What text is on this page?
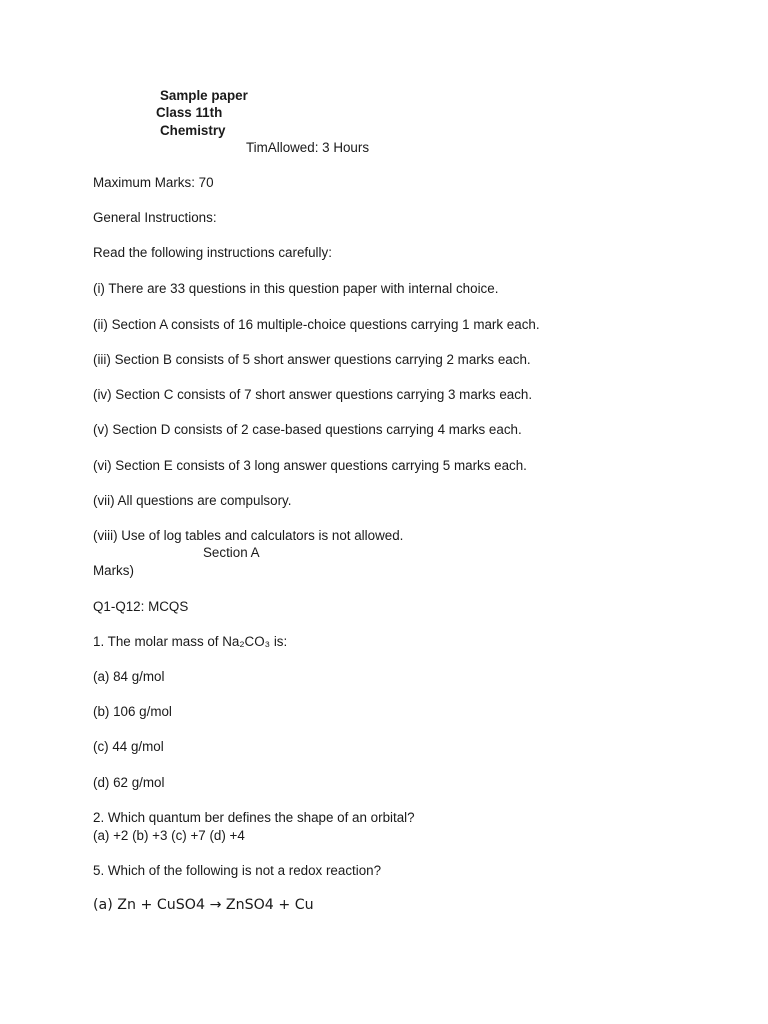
Sample paper
Class 11th
Chemistry
TimAllowed: 3 Hours
Maximum Marks: 70
General Instructions:
Read the following instructions carefully:
(i) There are 33 questions in this question paper with internal choice.
(ii) Section A consists of 16 multiple-choice questions carrying 1 mark each.
(iii) Section B consists of 5 short answer questions carrying 2 marks each.
(iv) Section C consists of 7 short answer questions carrying 3 marks each.
(v) Section D consists of 2 case-based questions carrying 4 marks each.
(vi) Section E consists of 3 long answer questions carrying 5 marks each.
(vii) All questions are compulsory.
(viii) Use of log tables and calculators is not allowed.
Section A
Marks)
Q1-Q12: MCQS
1. The molar mass of Na₂CO₃ is:
(a) 84 g/mol
(b) 106 g/mol
(c) 44 g/mol
(d) 62 g/mol
2. Which quantum ber defines the shape of an orbital?
(a) +2 (b) +3 (c) +7 (d) +4
5. Which of the following is not a redox reaction?
(a) Zn + CuSO4 → ZnSO4 + Cu
